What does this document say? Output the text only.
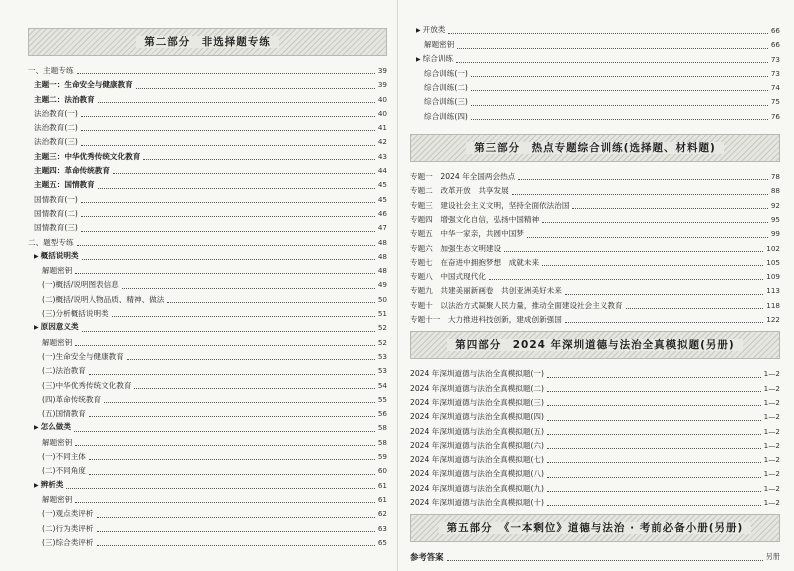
第二部分　非选择题专练
一、主题专练	39
主题一：生命安全与健康教育	39
主题二：法治教育	40
法治教育(一)	40
法治教育(二)	41
法治教育(三)	42
主题三：中华优秀传统文化教育	43
主题四：革命传统教育	44
主题五：国情教育	45
国情教育(一)	45
国情教育(二)	46
国情教育(三)	47
二、题型专练	48
▶ 概括说明类	48
解题密钥	48
(一)概括/说明图表信息	49
(二)概括/说明人物品质、精神、做法	50
(三)分析概括说明类	51
▶ 原因意义类	52
解题密钥	52
(一)生命安全与健康教育	53
(二)法治教育	53
(三)中华优秀传统文化教育	54
(四)革命传统教育	55
(五)国情教育	56
▶ 怎么做类	58
解题密钥	58
(一)不同主体	59
(二)不同角度	60
▶ 辨析类	61
解题密钥	61
(一)观点类评析	62
(二)行为类评析	63
(三)综合类评析	65
▶ 开放类	66
解题密钥	66
▶ 综合训练	73
综合训练(一)	73
综合训练(二)	74
综合训练(三)	75
综合训练(四)	76
第三部分　热点专题综合训练(选择题、材料题)
专题一　2024 年全国两会热点	78
专题二　改革开放　共享发展	88
专题三　建设社会主义文明，坚持全面依法治国	92
专题四　增强文化自信，弘扬中国精神	95
专题五　中华一家亲，共圆中国梦	99
专题六　加强生态文明建设	102
专题七　在奋进中拥抱梦想　成就未来	105
专题八　中国式现代化	109
专题九　共建美丽新画卷　共创亚洲美好未来	113
专题十　以法治方式凝聚人民力量，推动全面建设社会主义教育	118
专题十一　大力推进科技创新，建成创新强国	122
第四部分　2024 年深圳道德与法治全真模拟题(另册)
2024 年深圳道德与法治全真模拟题(一)	1—2
2024 年深圳道德与法治全真模拟题(二)	1—2
2024 年深圳道德与法治全真模拟题(三)	1—2
2024 年深圳道德与法治全真模拟题(四)	1—2
2024 年深圳道德与法治全真模拟题(五)	1—2
2024 年深圳道德与法治全真模拟题(六)	1—2
2024 年深圳道德与法治全真模拟题(七)	1—2
2024 年深圳道德与法治全真模拟题(八)	1—2
2024 年深圳道德与法治全真模拟题(九)	1—2
2024 年深圳道德与法治全真模拟题(十)	1—2
第五部分　《一本剩位》道德与法治 · 考前必备小册(另册)
参考答案	另册
